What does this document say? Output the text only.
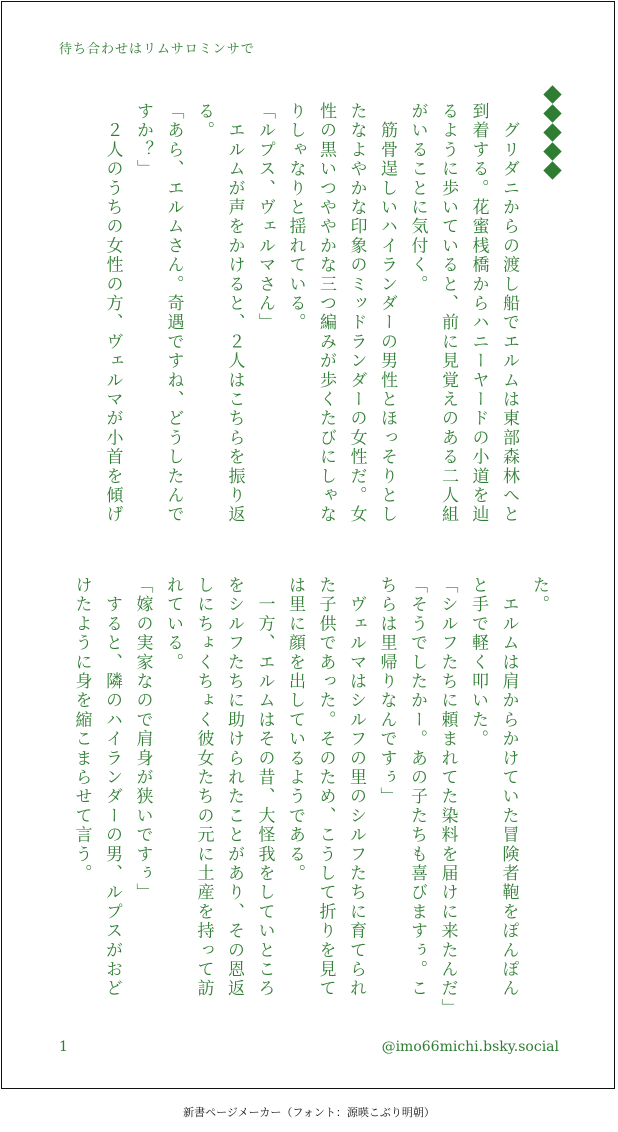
待ち合わせはリムサロミンサで

　グリダニからの渡し船でエルムは東部森林へと

到着する。花蜜桟橋からハニーヤードの小道を辿

るように歩いていると、前に見覚えのある二人組

がいることに気付く。

　筋骨逞しいハイランダーの男性とほっそりとし

たなよやかな印象のミッドランダーの女性だ。女

性の黒いつややかな三つ編みが歩くたびにしゃな

りしゃなりと揺れている。

「ルプス、ヴェルマさん」

　エルムが声をかけると、２人はこちらを振り返

る。

「あら、エルムさん。奇遇ですね、どうしたんで

すか？」

　２人のうちの女性の方、ヴェルマが小首を傾げ

た。

　エルムは肩からかけていた冒険者鞄をぽんぽん

と手で軽く叩いた。

「シルフたちに頼まれてた染料を届けに来たんだ」

「そうでしたかー。あの子たちも喜びますぅ。こ

ちらは里帰りなんですぅ」

　ヴェルマはシルフの里のシルフたちに育てられ

た子供であった。そのため、こうして折りを見て

は里に顔を出しているようである。

　一方、エルムはその昔、大怪我をしていところ

をシルフたちに助けられたことがあり、その恩返

しにちょくちょく彼女たちの元に土産を持って訪

れている。

「嫁の実家なので肩身が狭いですぅ」

　すると、隣のハイランダーの男、ルプスがおど

けたように身を縮こまらせて言う。

1	@imo66michi.bsky.social
新書ページメーカー（フォント：源暎こぶり明朝）
